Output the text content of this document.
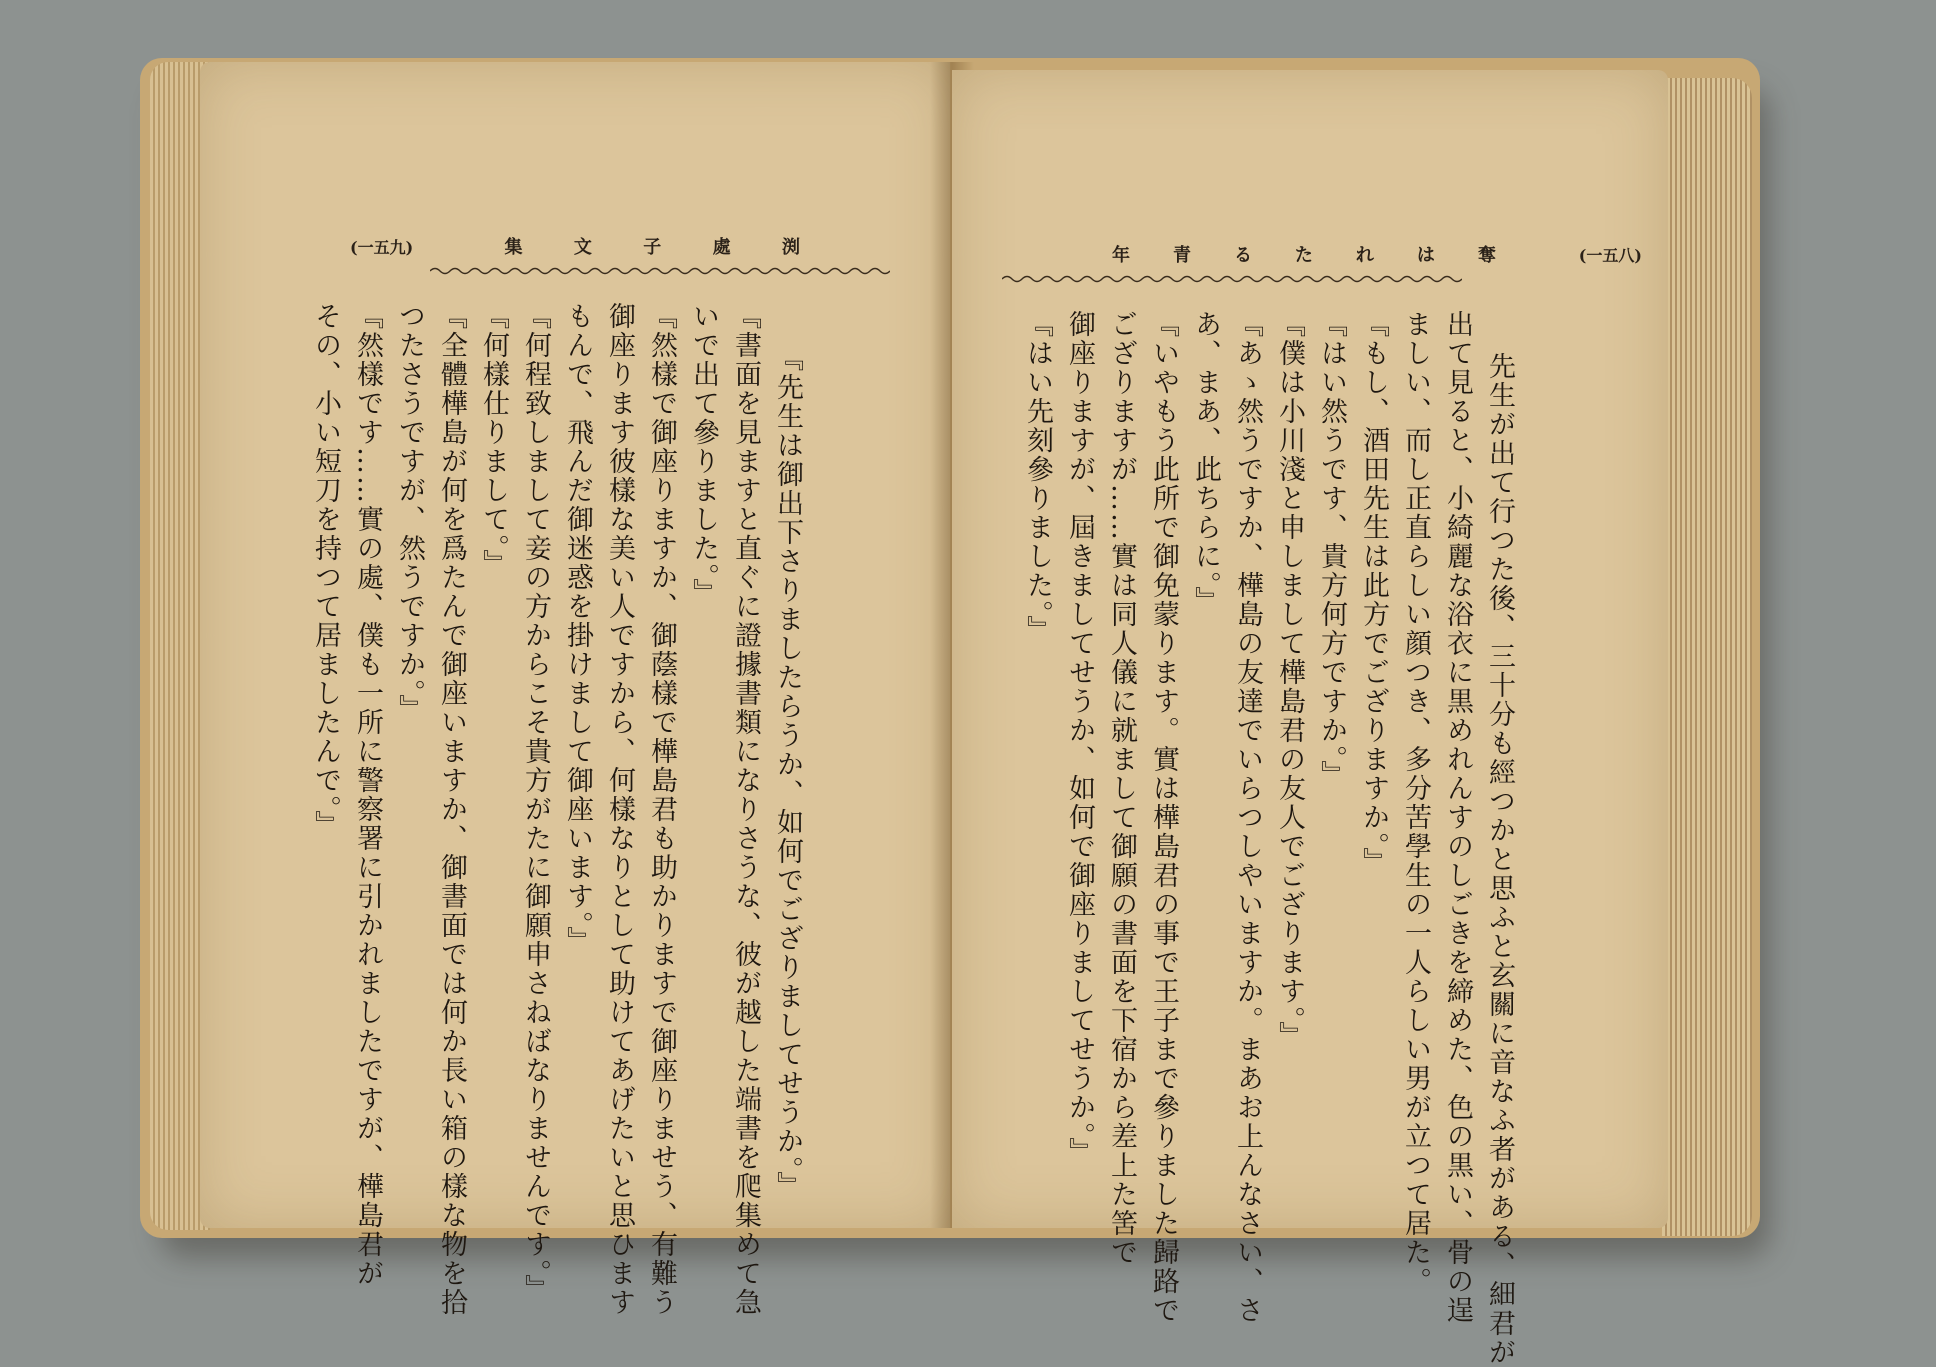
(一五九)	集	文	子	處	渕

『先生は御出下さりましたらうか、如何でござりましてせうか。』
『書面を見ますと直ぐに證據書類になりさうな、彼が越した端書を爬集めて急
いで出て參りました。』
『然樣で御座りますか、御蔭樣で樺島君も助かりますで御座りませう、有難う
御座ります彼樣な美い人ですから、何樣なりとして助けてあげたいと思ひます
もんで、飛んだ御迷惑を掛けまして御座います。』
『何程致しまして妾の方からこそ貴方がたに御願申さねばなりませんです。』
『何樣仕りまして。』
『全體樺島が何を爲たんで御座いますか、御書面では何か長い箱の樣な物を拾
つたさうですが、然うですか。』
『然樣です……實の處、僕も一所に警察署に引かれましたですが、樺島君が
その、小い短刀を持つて居ましたんで。』

年 青 る た れ は 奪	(一五八)

先生が出て行つた後、三十分も經つかと思ふと玄關に音なふ者がある、細君が
出て見ると、小綺麗な浴衣に黒めれんすのしごきを締めた、色の黒い、骨の逞
ましい、而し正直らしい顔つき、多分苦學生の一人らしい男が立つて居た。
『もし、酒田先生は此方でござりますか。』
『はい然うです、貴方何方ですか。』
『僕は小川淺と申しまして樺島君の友人でござります。』
『あゝ然うですか、樺島の友達でいらつしやいますか。まあお上んなさい、さ
あ、まあ、此ちらに。』
『いやもう此所で御免蒙ります。實は樺島君の事で王子まで參りました歸路で
ござりますが……實は同人儀に就まして御願の書面を下宿から差上た筈で
御座りますが、屆きましてせうか、如何で御座りましてせうか。』
『はい先刻參りました。』
